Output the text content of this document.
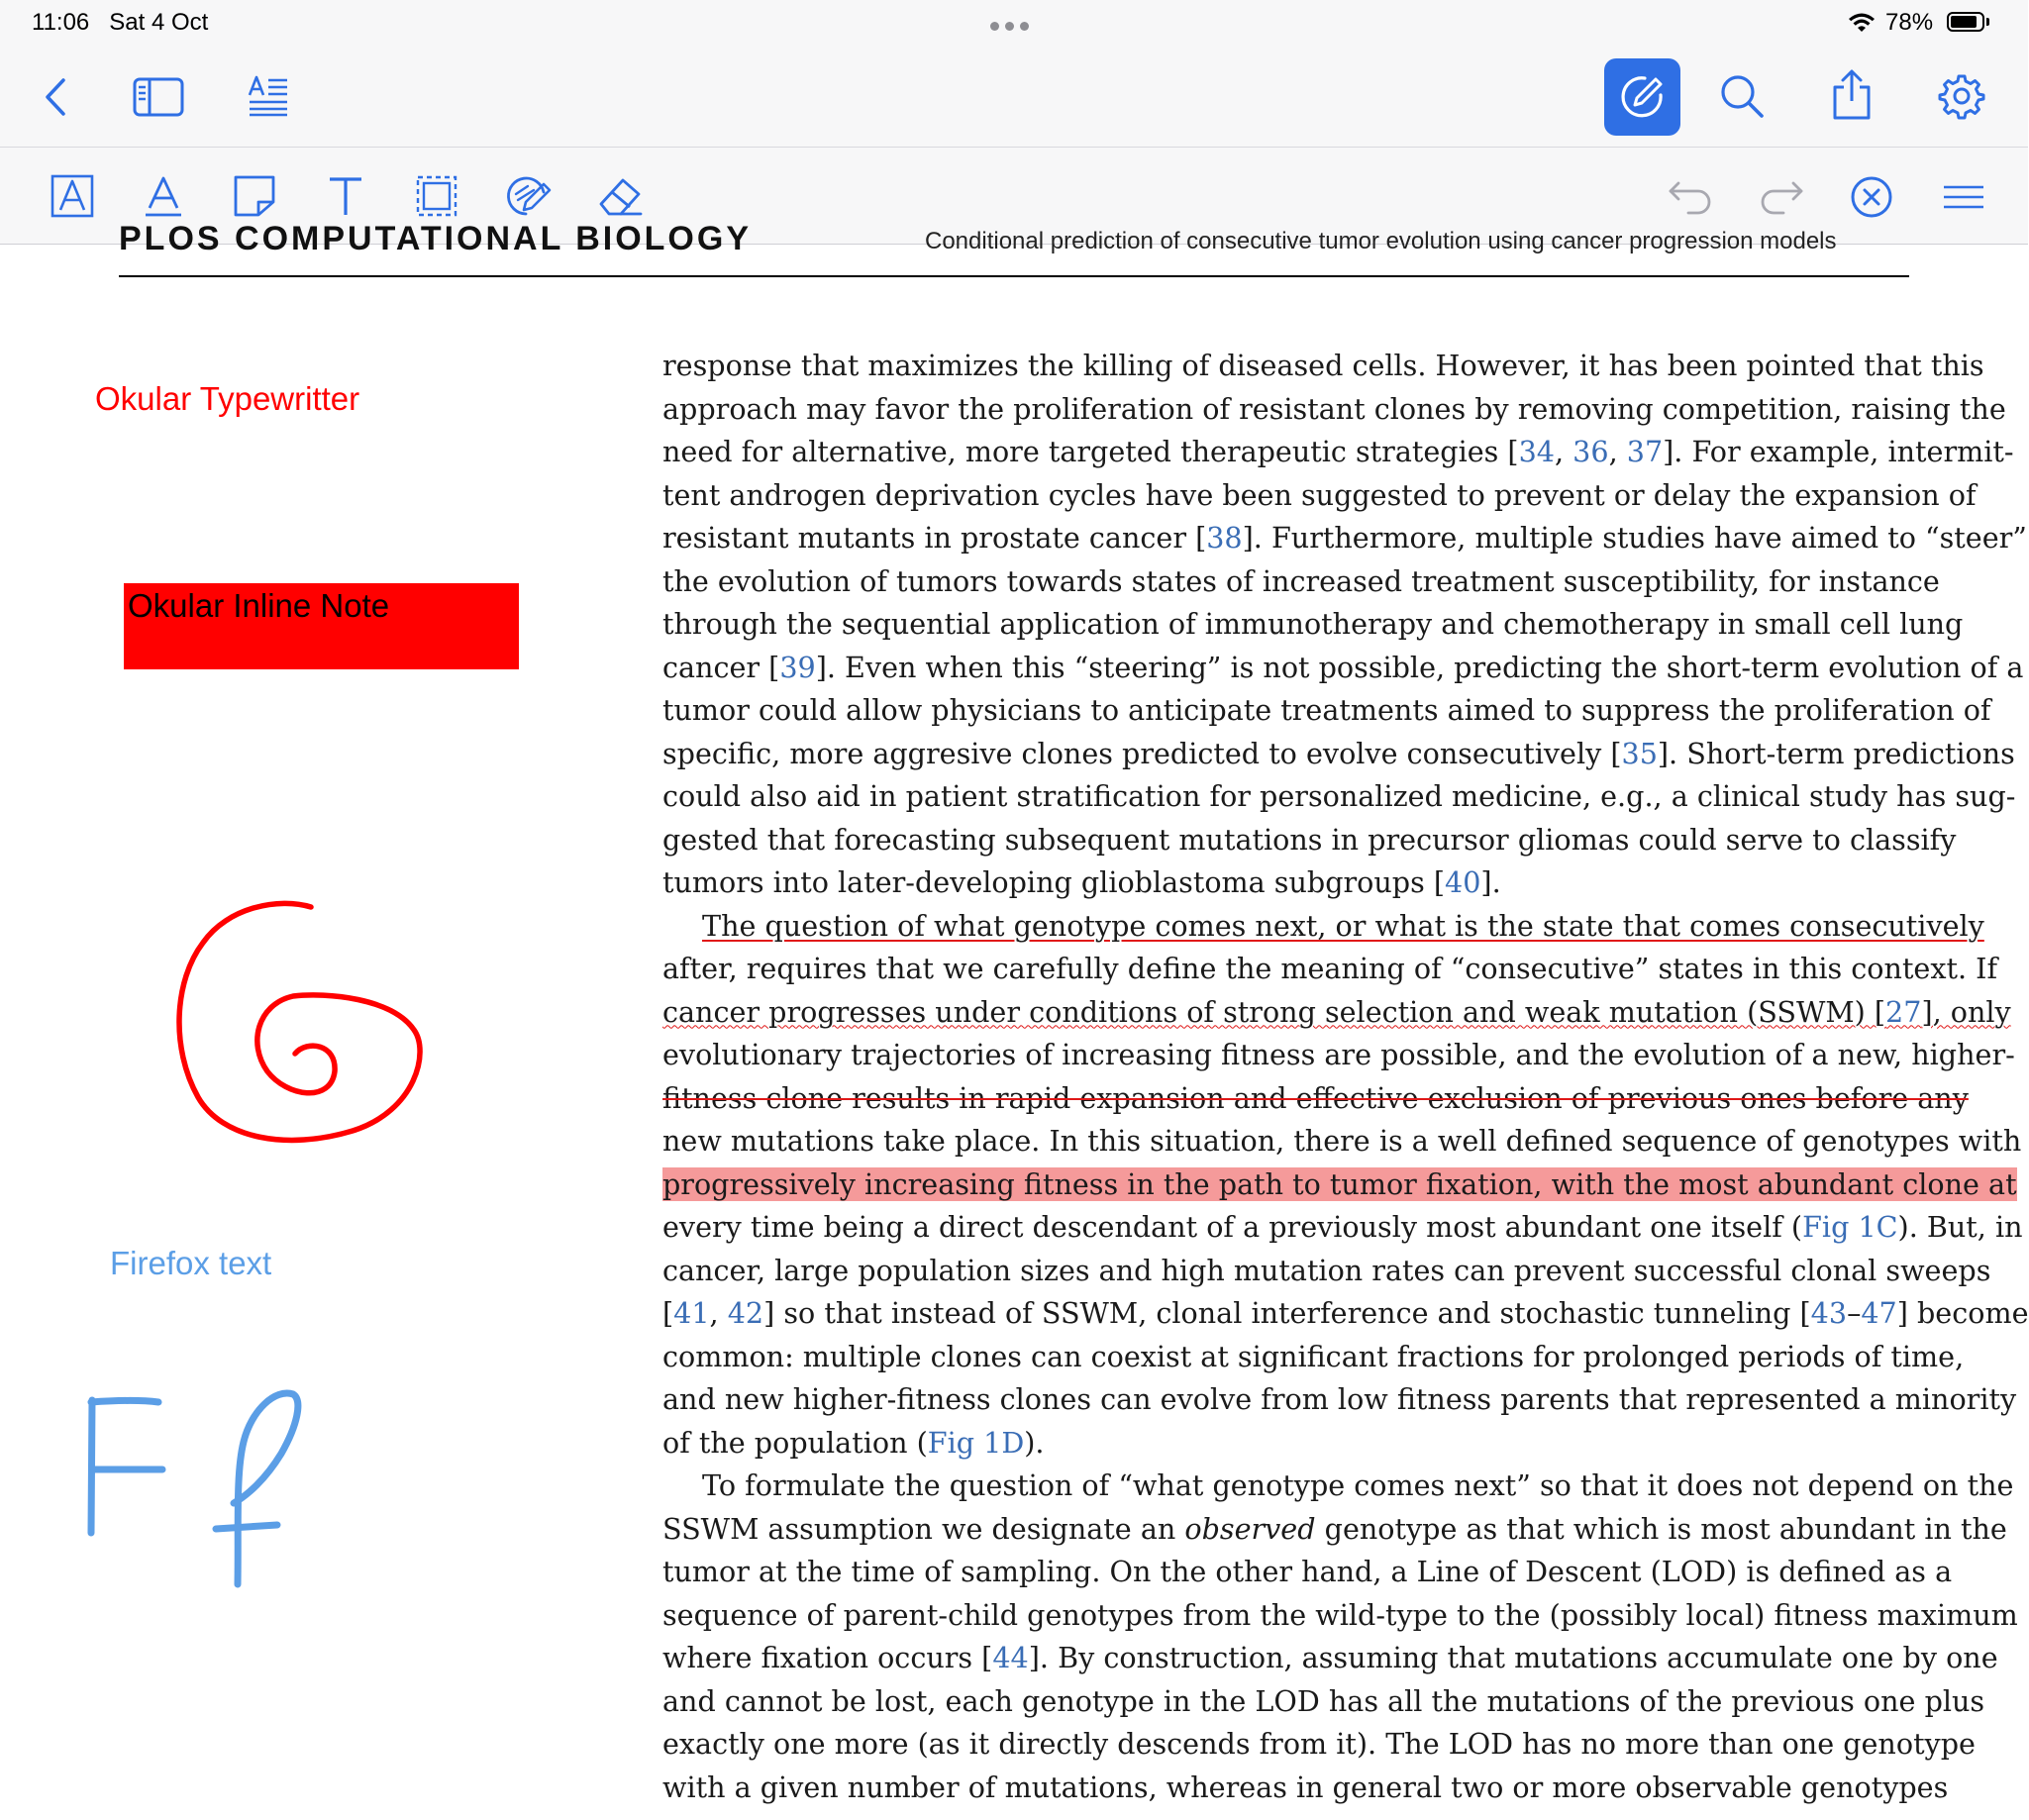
11:06 Sat 4 Oct	78%
PLOS COMPUTATIONAL BIOLOGY	Conditional prediction of consecutive tumor evolution using cancer progression models
Okular Typewritter
Okular Inline Note
Firefox text
response that maximizes the killing of diseased cells. However, it has been pointed that this
approach may favor the proliferation of resistant clones by removing competition, raising the
need for alternative, more targeted therapeutic strategies [34, 36, 37]. For example, intermit-
tent androgen deprivation cycles have been suggested to prevent or delay the expansion of
resistant mutants in prostate cancer [38]. Furthermore, multiple studies have aimed to “steer”
the evolution of tumors towards states of increased treatment susceptibility, for instance
through the sequential application of immunotherapy and chemotherapy in small cell lung
cancer [39]. Even when this “steering” is not possible, predicting the short-term evolution of a
tumor could allow physicians to anticipate treatments aimed to suppress the proliferation of
specific, more aggresive clones predicted to evolve consecutively [35]. Short-term predictions
could also aid in patient stratification for personalized medicine, e.g., a clinical study has sug-
gested that forecasting subsequent mutations in precursor gliomas could serve to classify
tumors into later-developing glioblastoma subgroups [40].
The question of what genotype comes next, or what is the state that comes consecutively
after, requires that we carefully define the meaning of “consecutive” states in this context. If
cancer progresses under conditions of strong selection and weak mutation (SSWM) [27], only
evolutionary trajectories of increasing fitness are possible, and the evolution of a new, higher-
fitness clone results in rapid expansion and effective exclusion of previous ones before any
new mutations take place. In this situation, there is a well defined sequence of genotypes with
progressively increasing fitness in the path to tumor fixation, with the most abundant clone at
every time being a direct descendant of a previously most abundant one itself (Fig 1C). But, in
cancer, large population sizes and high mutation rates can prevent successful clonal sweeps
[41, 42] so that instead of SSWM, clonal interference and stochastic tunneling [43–47] become
common: multiple clones can coexist at significant fractions for prolonged periods of time,
and new higher-fitness clones can evolve from low fitness parents that represented a minority
of the population (Fig 1D).
To formulate the question of “what genotype comes next” so that it does not depend on the
SSWM assumption we designate an observed genotype as that which is most abundant in the
tumor at the time of sampling. On the other hand, a Line of Descent (LOD) is defined as a
sequence of parent-child genotypes from the wild-type to the (possibly local) fitness maximum
where fixation occurs [44]. By construction, assuming that mutations accumulate one by one
and cannot be lost, each genotype in the LOD has all the mutations of the previous one plus
exactly one more (as it directly descends from it). The LOD has no more than one genotype
with a given number of mutations, whereas in general two or more observable genotypes
